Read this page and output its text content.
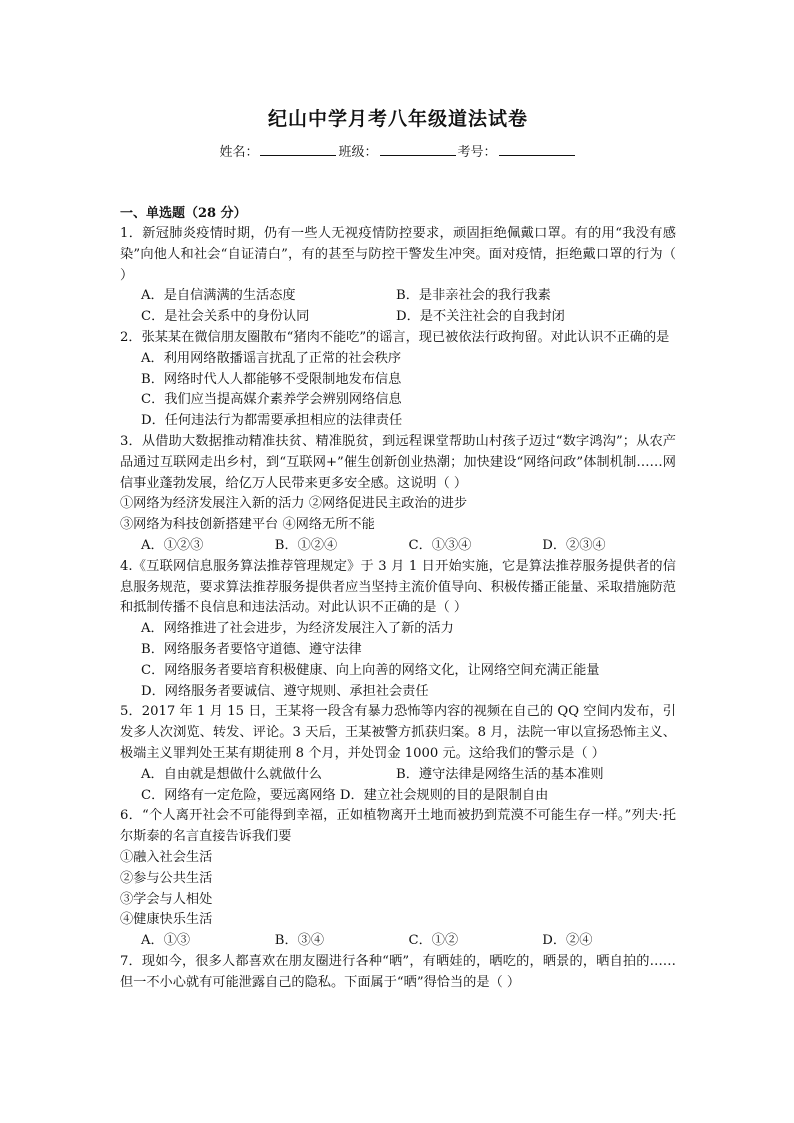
纪山中学月考八年级道法试卷
姓名：	班级：	考号：
一、单选题（28 分）
1．新冠肺炎疫情时期，仍有一些人无视疫情防控要求，顽固拒绝佩戴口罩。有的用“我没有感染”向他人和社会“自证清白”，有的甚至与防控干警发生冲突。面对疫情，拒绝戴口罩的行为（ ）
A．是自信满满的生活态度	B．是非亲社会的我行我素
C．是社会关系中的身份认同	D．是不关注社会的自我封闭
2．张某某在微信朋友圈散布“猪肉不能吃”的谣言，现已被依法行政拘留。对此认识不正确的是
A．利用网络散播谣言扰乱了正常的社会秩序
B．网络时代人人都能够不受限制地发布信息
C．我们应当提高媒介素养学会辨别网络信息
D．任何违法行为都需要承担相应的法律责任
3．从借助大数据推动精准扶贫、精准脱贫，到远程课堂帮助山村孩子迈过“数字鸿沟”；从农产品通过互联网走出乡村，到“互联网+”催生创新创业热潮；加快建设“网络问政”体制机制……网信事业蓬勃发展，给亿万人民带来更多安全感。这说明（ ）
①网络为经济发展注入新的活力 ②网络促进民主政治的进步
③网络为科技创新搭建平台 ④网络无所不能
A．①②③	B．①②④	C．①③④	D．②③④
4.《互联网信息服务算法推荐管理规定》于 3 月 1 日开始实施，它是算法推荐服务提供者的信息服务规范，要求算法推荐服务提供者应当坚持主流价值导向、积极传播正能量、采取措施防范和抵制传播不良信息和违法活动。对此认识不正确的是（ ）
A．网络推进了社会进步，为经济发展注入了新的活力
B．网络服务者要恪守道德、遵守法律
C．网络服务者要培育积极健康、向上向善的网络文化，让网络空间充满正能量
D．网络服务者要诚信、遵守规则、承担社会责任
5．2017 年 1 月 15 日，王某将一段含有暴力恐怖等内容的视频在自己的 QQ 空间内发布，引发多人次浏览、转发、评论。3 天后，王某被警方抓获归案。8 月，法院一审以宣扬恐怖主义、极端主义罪判处王某有期徒刑 8 个月，并处罚金 1000 元。这给我们的警示是（ ）
A．自由就是想做什么就做什么	B．遵守法律是网络生活的基本准则
C．网络有一定危险，要远离网络 D．建立社会规则的目的是限制自由
6．“个人离开社会不可能得到幸福，正如植物离开土地而被扔到荒漠不可能生存一样。”列夫·托尔斯泰的名言直接告诉我们要
①融入社会生活
②参与公共生活
③学会与人相处
④健康快乐生活
A．①③	B．③④	C．①②	D．②④
7．现如今，很多人都喜欢在朋友圈进行各种“晒”，有晒娃的，晒吃的，晒景的，晒自拍的……但一不小心就有可能泄露自己的隐私。下面属于“晒”得恰当的是（ ）
